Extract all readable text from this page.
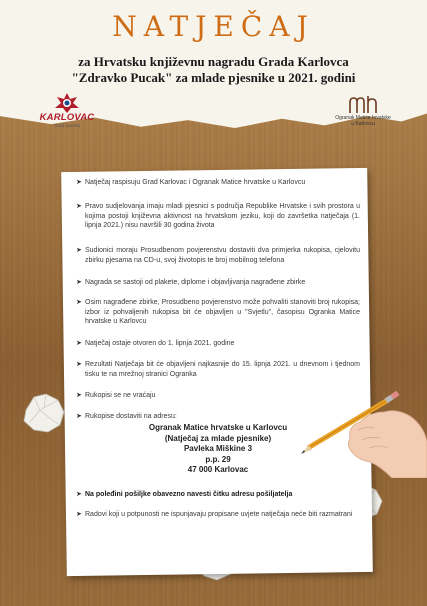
NATJEČAJ
za Hrvatsku književnu nagradu Grada Karlovca
"Zdravko Pucak" za mlade pjesnike u 2021. godini
KARLOVAC
Grad susreta
Ogranak Matice hrvatske
u Karlovcu
➤ Natječaj raspisuju Grad Karlovac i Ogranak Matice hrvatske u Karlovcu
➤ Pravo sudjelovanja imaju mladi pjesnici s područja Republike Hrvatske i svih prostora u kojima postoji književna aktivnost na hrvatskom jeziku, koji do završetka natječaja (1. lipnja 2021.) nisu navršili 30 godina života
➤ Sudionici moraju Prosudbenom povjerenstvu dostaviti dva primjerka rukopisa, cjelovitu zbirku pjesama na CD-u, svoj životopis te broj mobilnog telefona
➤ Nagrada se sastoji od plakete, diplome i objavljivanja nagrađene zbirke
➤ Osim nagrađene zbirke, Prosudbeno povjerenstvo može pohvaliti stanoviti broj rukopisa; izbor iz pohvaljenih rukopisa bit će objavljen u "Svjetlu", časopisu Ogranka Matice hrvatske u Karlovcu
➤ Natječaj ostaje otvoren do 1. lipnja 2021. godine
➤ Rezultati Natječaja bit će objavljeni najkasnije do 15. lipnja 2021. u dnevnom i tjednom tisku te na mrežnoj stranici Ogranka
➤ Rukopisi se ne vraćaju
➤ Rukopise dostaviti na adresu:
Ogranak Matice hrvatske u Karlovcu
(Natječaj za mlade pjesnike)
Pavleka Miškine 3
p.p. 29
47 000 Karlovac
➤ Na poleđini pošiljke obavezno navesti čitku adresu pošiljatelja
➤ Radovi koji u potpunosti ne ispunjavaju propisane uvjete natječaja neće biti razmatrani
